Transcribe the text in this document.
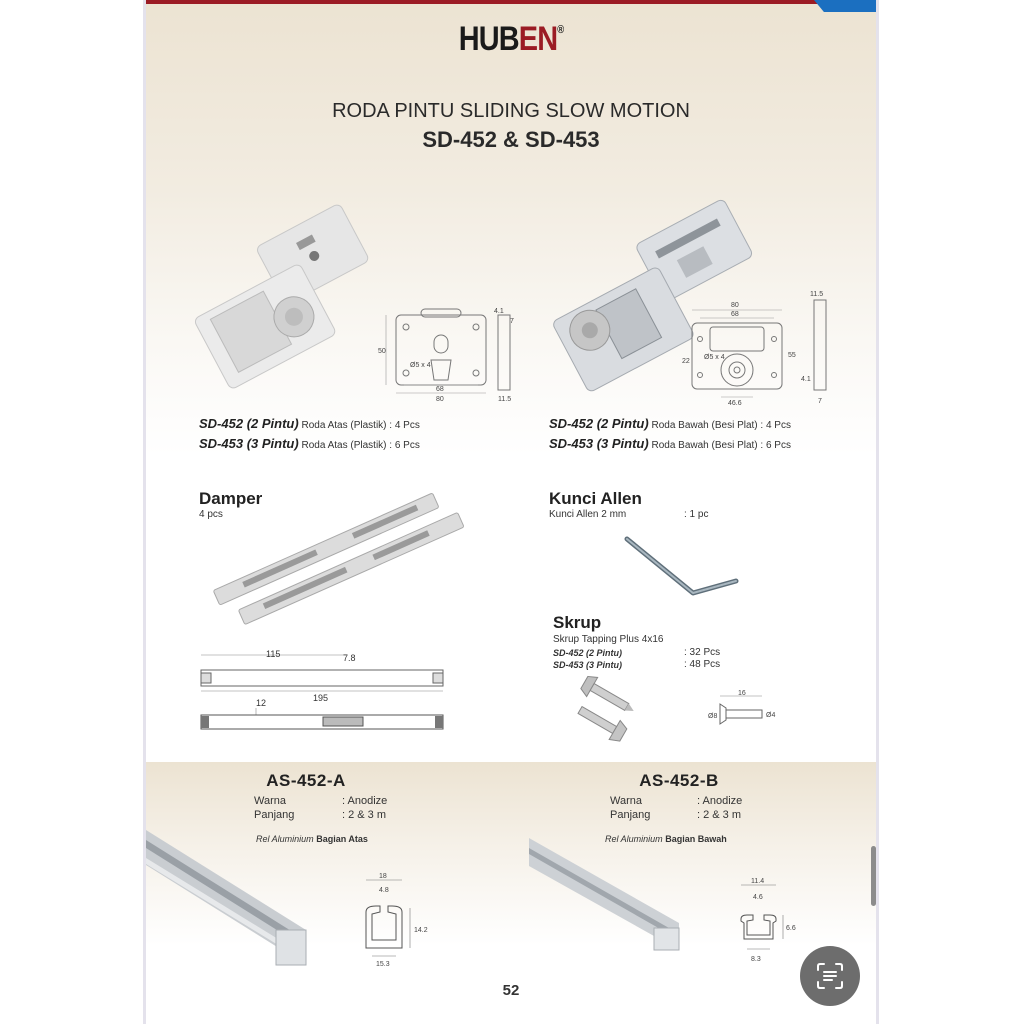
HUBEN®
RODA PINTU SLIDING SLOW MOTION
SD-452 & SD-453
68
80
50
Ø5 x 4
4.1
7
11.5
80
68
Ø5 x 4
22
55
46.6
11.5
4.1
7
SD-452 (2 Pintu) Roda Atas (Plastik) : 4 Pcs
SD-453 (3 Pintu) Roda Atas (Plastik) : 6 Pcs
SD-452 (2 Pintu) Roda Bawah (Besi Plat) : 4 Pcs
SD-453 (3 Pintu) Roda Bawah (Besi Plat) : 6 Pcs
Damper
4 pcs
115	7.8
195
12
Kunci Allen
Kunci Allen 2 mm	: 1 pc
Skrup
Skrup Tapping Plus 4x16
SD-452 (2 Pintu)	: 32 Pcs
SD-453 (3 Pintu)	: 48 Pcs
16
Ø8	Ø4
AS-452-A
Warna	: Anodize
Panjang	: 2 & 3 m
Rel Aluminium Bagian Atas
18
4.8
14.2
15.3
AS-452-B
Warna	: Anodize
Panjang	: 2 & 3 m
Rel Aluminium Bagian Bawah
11.4
4.6
6.6
8.3
52
